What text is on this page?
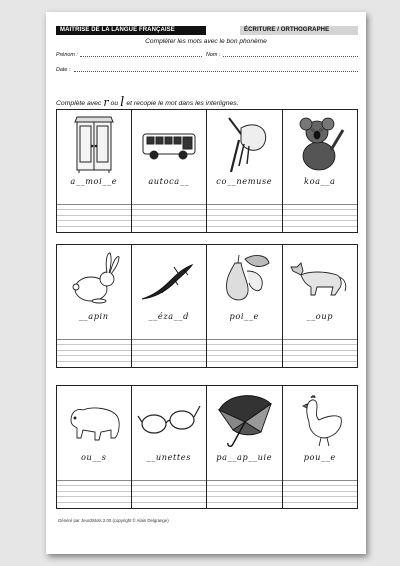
MAITRISE DE LA LANGUE FRANÇAISE	ÉCRITURE / ORTHOGRAPHE
Compléter les mots avec le bon phonème
Prénom :	Nom :
Date :
Complète avec r ou l et recopie le mot dans les interlignes.
a__moi__e	autoca__	co__nemuse	koa__a
__apin	__éza__d	poi__e	__oup
ou__s	__unettes	pa__ap__uie	pou__e
Généré par Jeux2Mots 2.00 (copyright © Alain Delgrange)
